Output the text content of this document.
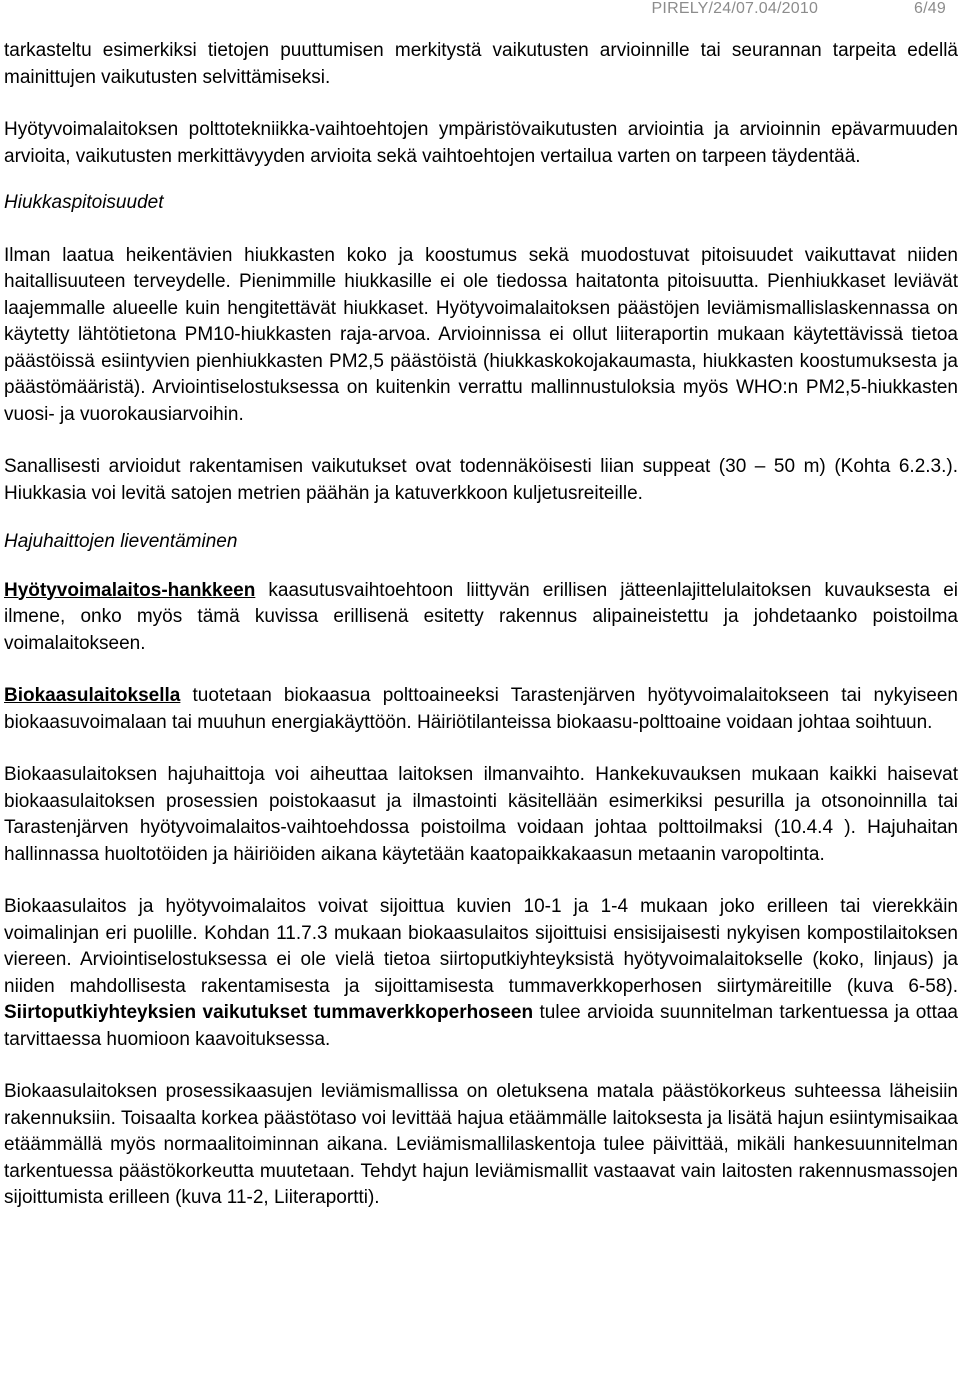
PIRELY/24/07.04/2010	6/49

tarkasteltu esimerkiksi tietojen puuttumisen merkitystä vaikutusten arvioinnille tai seurannan tarpeita edellä mainittujen vaikutusten selvittämiseksi.

Hyötyvoimalaitoksen polttotekniikka-vaihtoehtojen ympäristövaikutusten arviointia ja arvioinnin epävarmuuden arvioita, vaikutusten merkittävyyden arvioita sekä vaihtoehtojen vertailua varten on tarpeen täydentää.

Hiukkaspitoisuudet

Ilman laatua heikentävien hiukkasten koko ja koostumus sekä muodostuvat pitoisuudet vaikuttavat niiden haitallisuuteen terveydelle. Pienimmille hiukkasille ei ole tiedossa haitatonta pitoisuutta. Pienhiukkaset leviävät laajemmalle alueelle kuin hengitettävät hiukkaset. Hyötyvoimalaitoksen päästöjen leviämismallislaskennassa on käytetty lähtötietona PM10-hiukkasten raja-arvoa. Arvioinnissa ei ollut liiteraportin mukaan käytettävissä tietoa päästöissä esiintyvien pienhiukkasten PM2,5 päästöistä (hiukkaskokojakaumasta, hiukkasten koostumuksesta ja päästömääristä). Arviointiselostuksessa on kuitenkin verrattu mallinnustuloksia myös WHO:n PM2,5-hiukkasten vuosi- ja vuorokausiarvoihin.

Sanallisesti arvioidut rakentamisen vaikutukset ovat todennäköisesti liian suppeat (30 – 50 m) (Kohta 6.2.3.). Hiukkasia voi levitä satojen metrien päähän ja katuverkkoon kuljetusreiteille.

Hajuhaittojen lieventäminen

Hyötyvoimalaitos-hankkeen kaasutusvaihtoehtoon liittyvän erillisen jätteenlajittelulaitoksen kuvauksesta ei ilmene, onko myös tämä kuvissa erillisenä esitetty rakennus alipaineistettu ja johdetaanko poistoilma voimalaitokseen.

Biokaasulaitoksella tuotetaan biokaasua polttoaineeksi Tarastenjärven hyötyvoimalaitokseen tai nykyiseen biokaasuvoimalaan tai muuhun energiakäyttöön. Häiriötilanteissa biokaasu-polttoaine voidaan johtaa soihtuun.

Biokaasulaitoksen hajuhaittoja voi aiheuttaa laitoksen ilmanvaihto. Hankekuvauksen mukaan kaikki haisevat biokaasulaitoksen prosessien poistokaasut ja ilmastointi käsitellään esimerkiksi pesurilla ja otsonoinnilla tai Tarastenjärven hyötyvoimalaitos-vaihtoehdossa poistoilma voidaan johtaa polttoilmaksi (10.4.4 ). Hajuhaitan hallinnassa huoltotöiden ja häiriöiden aikana käytetään kaatopaikkakaasun metaanin varopoltinta.

Biokaasulaitos ja hyötyvoimalaitos voivat sijoittua kuvien 10-1 ja 1-4 mukaan joko erilleen tai vierekkäin voimalinjan eri puolille. Kohdan 11.7.3 mukaan biokaasulaitos sijoittuisi ensisijaisesti nykyisen kompostilaitoksen viereen. Arviointiselostuksessa ei ole vielä tietoa siirtoputkiyhteyksistä hyötyvoimalaitokselle (koko, linjaus) ja niiden mahdollisesta rakentamisesta ja sijoittamisesta tummaverkkoperhosen siirtymäreitille (kuva 6-58). Siirtoputkiyhteyksien vaikutukset tummaverkkoperhoseen tulee arvioida suunnitelman tarkentuessa ja ottaa tarvittaessa huomioon kaavoituksessa.

Biokaasulaitoksen prosessikaasujen leviämismallissa on oletuksena matala päästökorkeus suhteessa läheisiin rakennuksiin. Toisaalta korkea päästötaso voi levittää hajua etäämmälle laitoksesta ja lisätä hajun esiintymisaikaa etäämmällä myös normaalitoiminnan aikana. Leviämismallilaskentoja tulee päivittää, mikäli hankesuunnitelman tarkentuessa päästökorkeutta muutetaan. Tehdyt hajun leviämismallit vastaavat vain laitosten rakennusmassojen sijoittumista erilleen (kuva 11-2, Liiteraportti).
